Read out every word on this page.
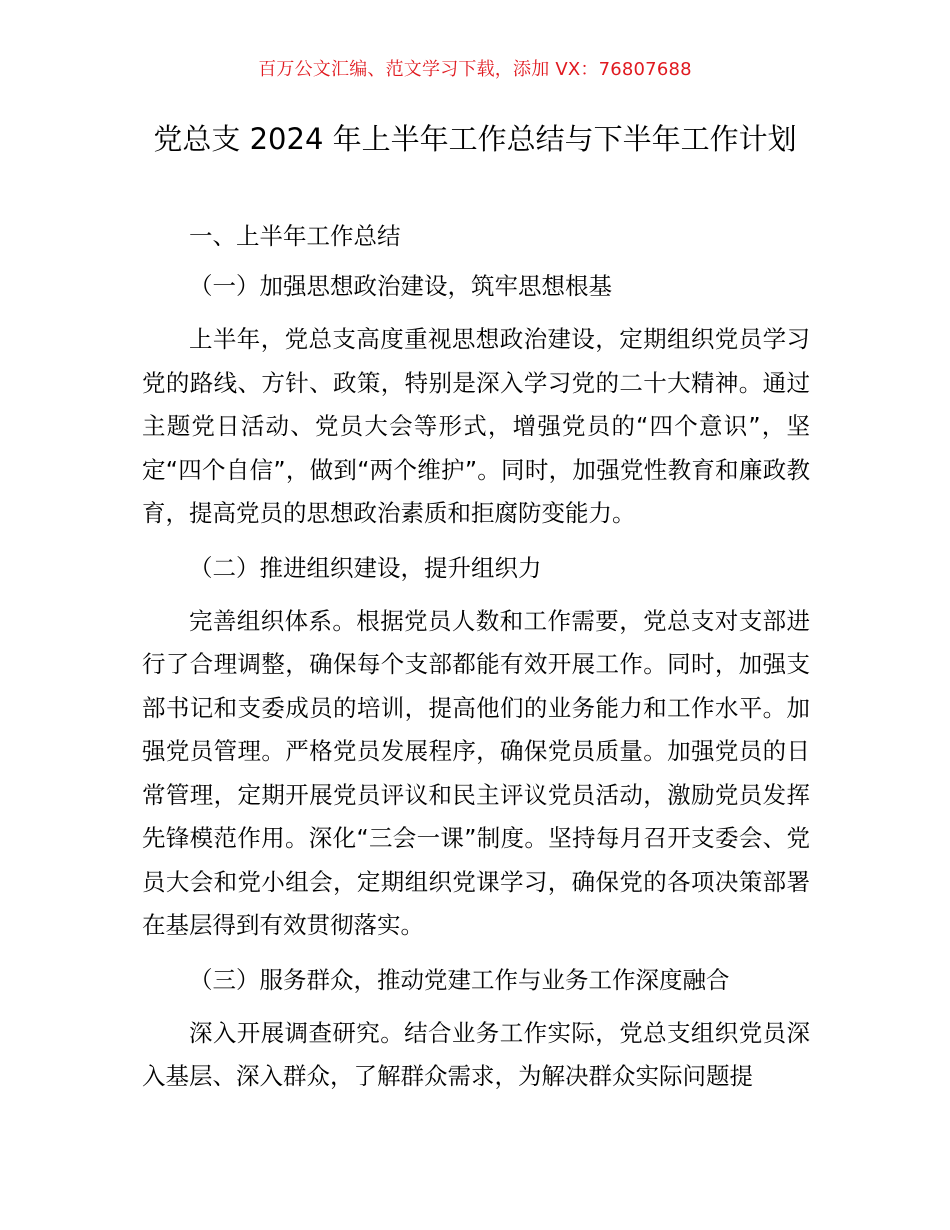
百万公文汇编、范文学习下载，添加 VX：76807688
党总支 2024 年上半年工作总结与下半年工作计划

一、上半年工作总结

（一）加强思想政治建设，筑牢思想根基

上半年，党总支高度重视思想政治建设，定期组织党员学习党的路线、方针、政策，特别是深入学习党的二十大精神。通过主题党日活动、党员大会等形式，增强党员的“四个意识”，坚定“四个自信”，做到“两个维护”。同时，加强党性教育和廉政教育，提高党员的思想政治素质和拒腐防变能力。

（二）推进组织建设，提升组织力

完善组织体系。根据党员人数和工作需要，党总支对支部进行了合理调整，确保每个支部都能有效开展工作。同时，加强支部书记和支委成员的培训，提高他们的业务能力和工作水平。加强党员管理。严格党员发展程序，确保党员质量。加强党员的日常管理，定期开展党员评议和民主评议党员活动，激励党员发挥先锋模范作用。深化“三会一课”制度。坚持每月召开支委会、党员大会和党小组会，定期组织党课学习，确保党的各项决策部署在基层得到有效贯彻落实。

（三）服务群众，推动党建工作与业务工作深度融合

深入开展调查研究。结合业务工作实际，党总支组织党员深入基层、深入群众，了解群众需求，为解决群众实际问题提
